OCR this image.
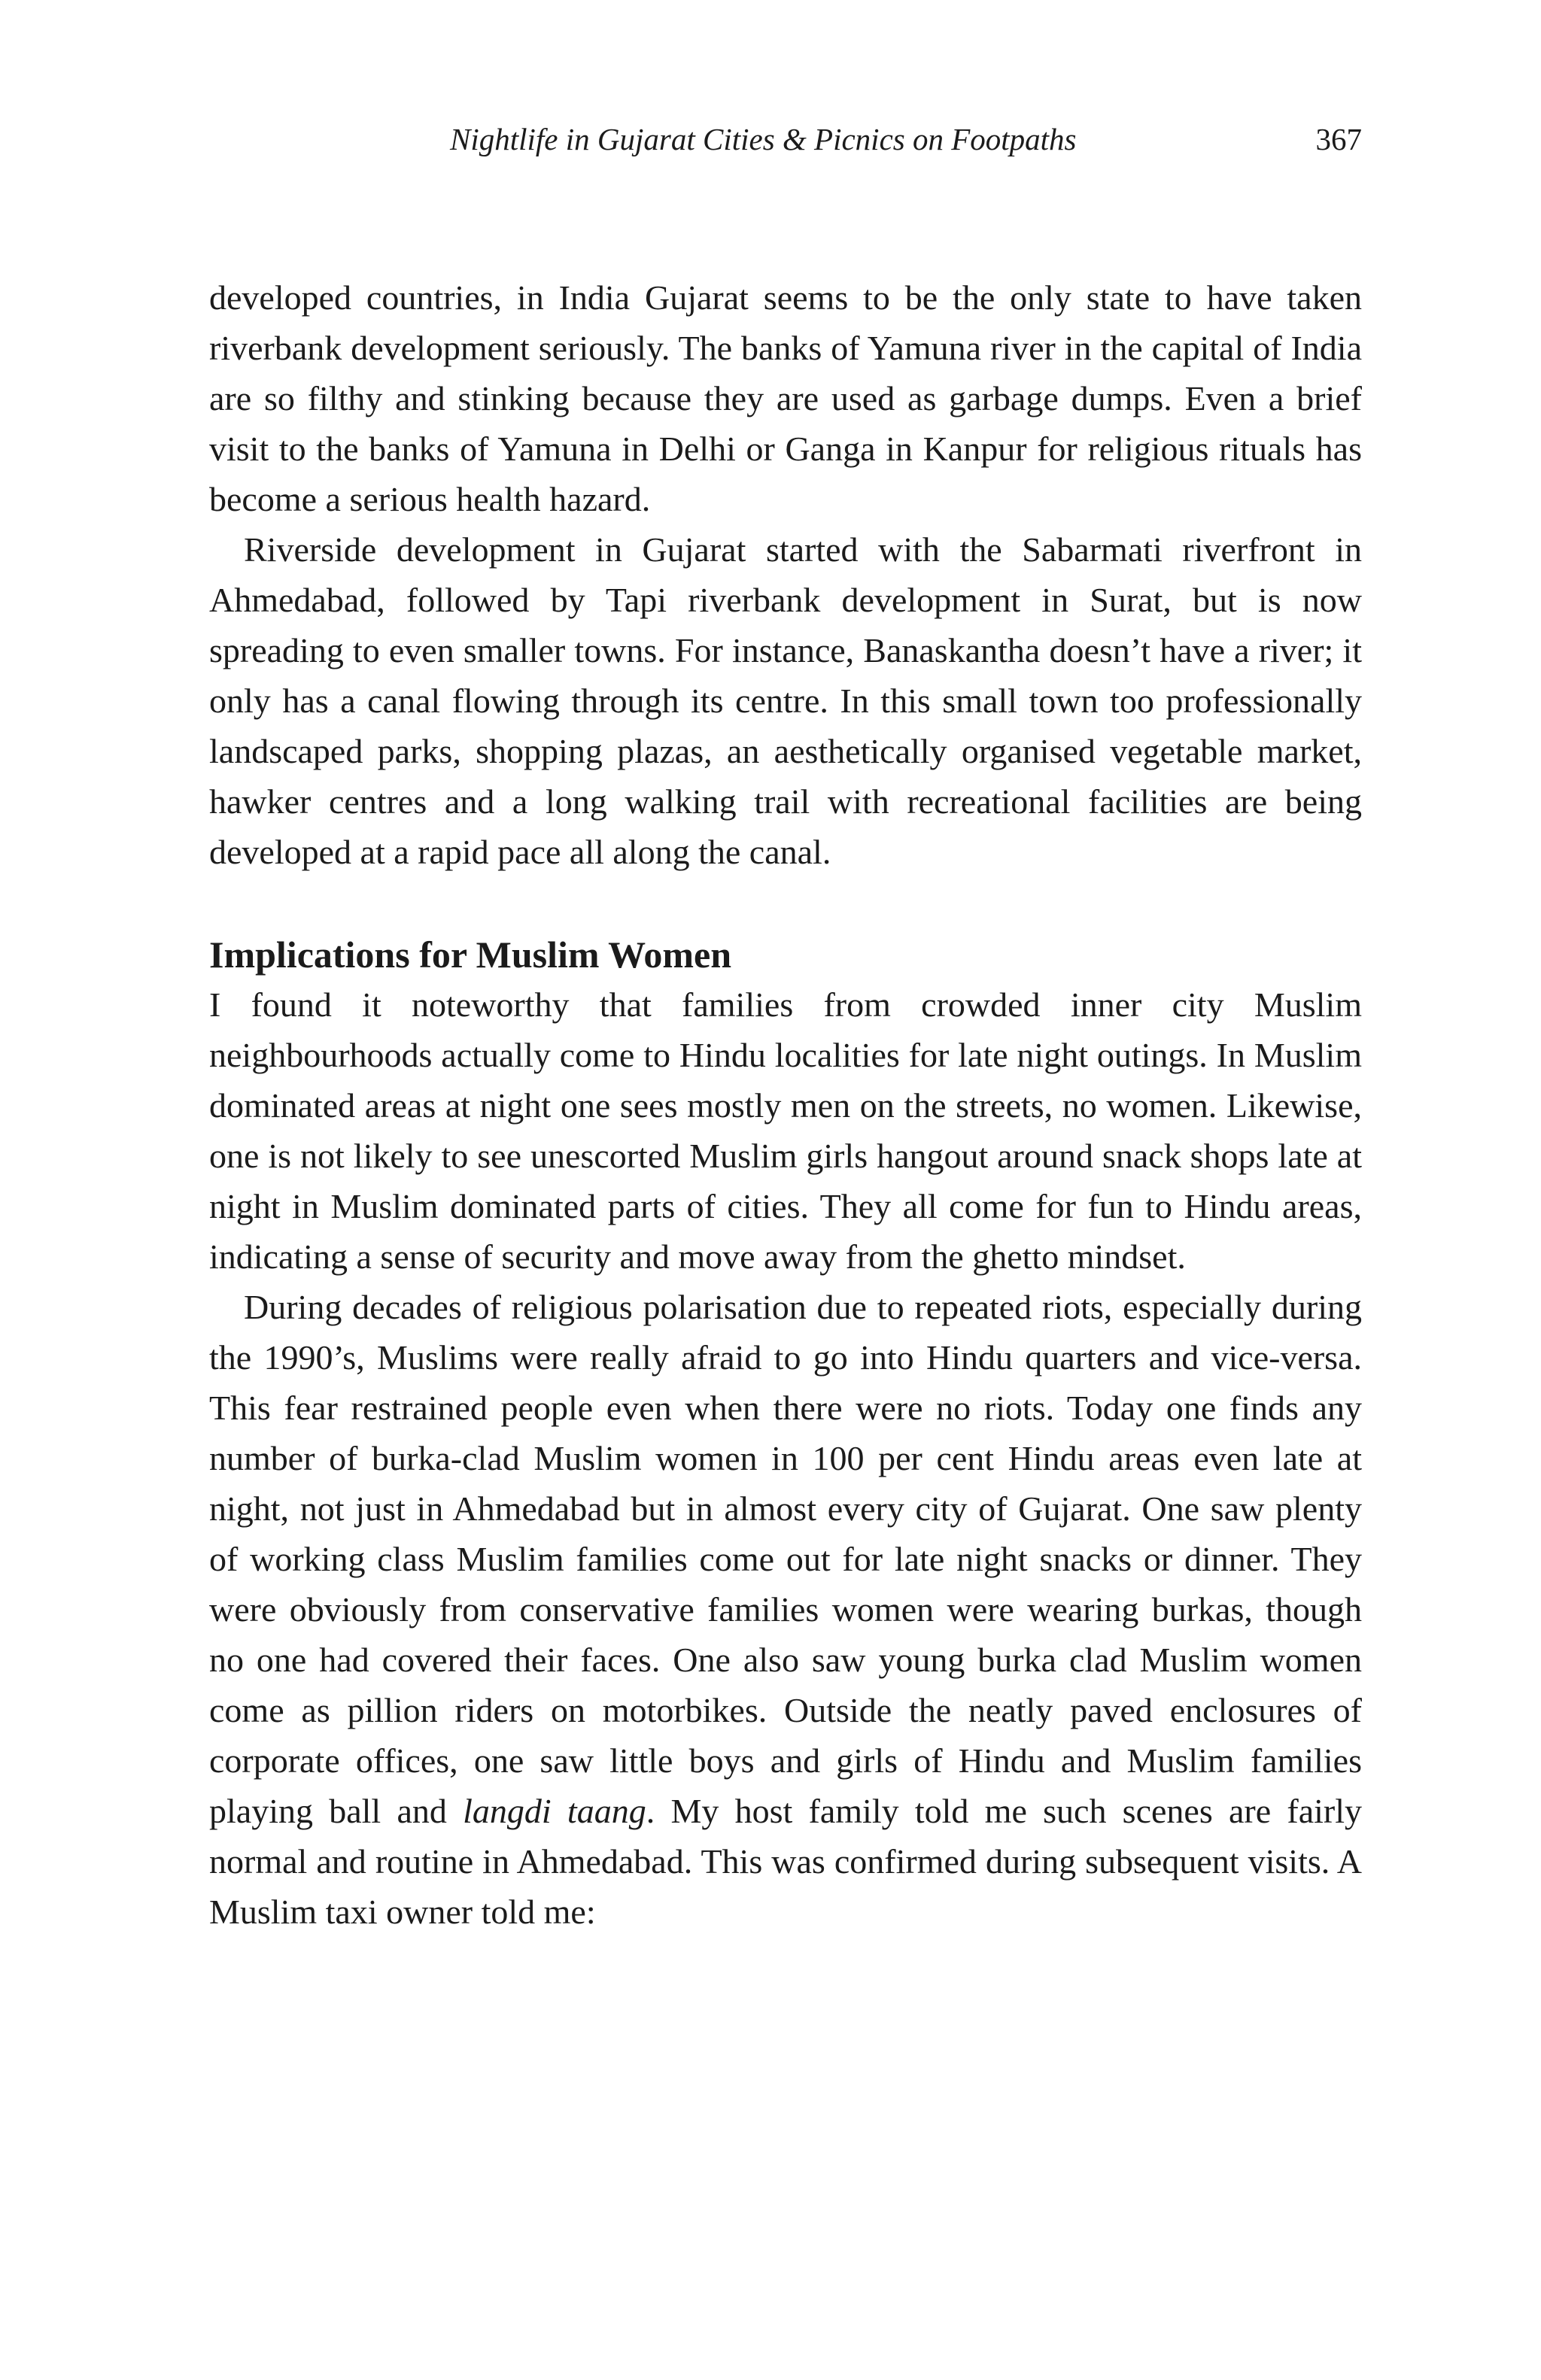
Nightlife in Gujarat Cities & Picnics on Footpaths	367

developed countries, in India Gujarat seems to be the only state to have taken riverbank development seriously. The banks of Yamuna river in the capital of India are so filthy and stinking because they are used as garbage dumps. Even a brief visit to the banks of Yamuna in Delhi or Ganga in Kanpur for religious rituals has become a serious health hazard.

Riverside development in Gujarat started with the Sabarmati riverfront in Ahmedabad, followed by Tapi riverbank development in Surat, but is now spreading to even smaller towns. For instance, Banaskantha doesn’t have a river; it only has a canal flowing through its centre. In this small town too professionally landscaped parks, shopping plazas, an aesthetically organised vegetable market, hawker centres and a long walking trail with recreational facilities are being developed at a rapid pace all along the canal.

Implications for Muslim Women

I found it noteworthy that families from crowded inner city Muslim neighbourhoods actually come to Hindu localities for late night outings. In Muslim dominated areas at night one sees mostly men on the streets, no women. Likewise, one is not likely to see unescorted Muslim girls hangout around snack shops late at night in Muslim dominated parts of cities. They all come for fun to Hindu areas, indicating a sense of security and move away from the ghetto mindset.

During decades of religious polarisation due to repeated riots, especially during the 1990’s, Muslims were really afraid to go into Hindu quarters and vice-versa. This fear restrained people even when there were no riots. Today one finds any number of burka-clad Muslim women in 100 per cent Hindu areas even late at night, not just in Ahmedabad but in almost every city of Gujarat. One saw plenty of working class Muslim families come out for late night snacks or dinner. They were obviously from conservative families women were wearing burkas, though no one had covered their faces. One also saw young burka clad Muslim women come as pillion riders on motorbikes. Outside the neatly paved enclosures of corporate offices, one saw little boys and girls of Hindu and Muslim families playing ball and langdi taang. My host family told me such scenes are fairly normal and routine in Ahmedabad. This was confirmed during subsequent visits. A Muslim taxi owner told me:
